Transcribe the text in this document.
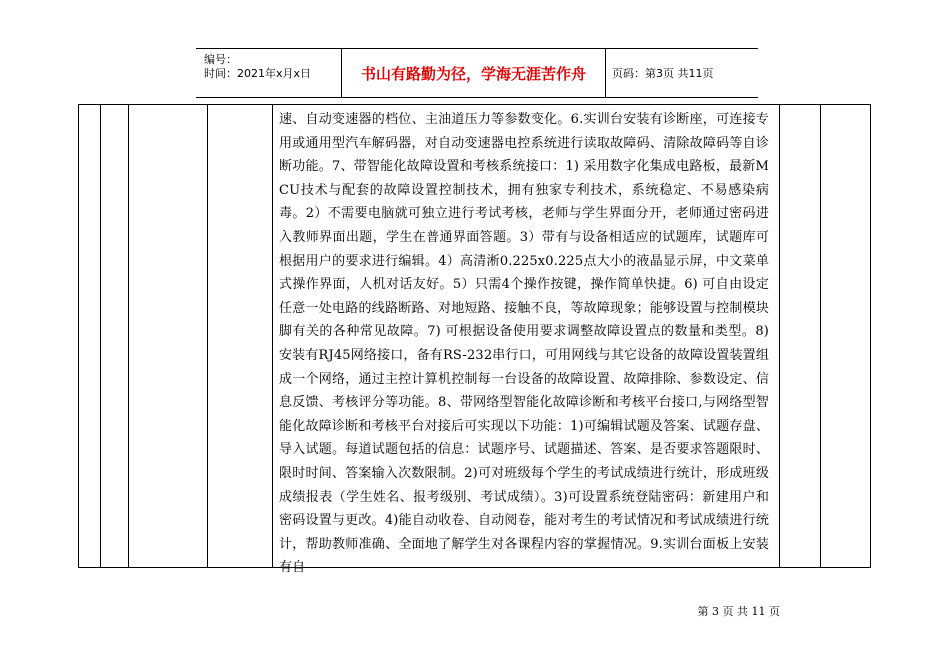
编号：
时间：2021年x月x日	书山有路勤为径，学海无涯苦作舟	页码：第3页 共11页
速、自动变速器的档位、主油道压力等参数变化。6.实训台安装有诊断座，可连接专用或通用型汽车解码器，对自动变速器电控系统进行读取故障码、清除故障码等自诊断功能。7、带智能化故障设置和考核系统接口：1) 采用数字化集成电路板，最新MCU技术与配套的故障设置控制技术，拥有独家专利技术，系统稳定、不易感染病毒。2）不需要电脑就可独立进行考试考核，老师与学生界面分开，老师通过密码进入教师界面出题，学生在普通界面答题。3）带有与设备相适应的试题库，试题库可根据用户的要求进行编辑。4）高清淅0.225x0.225点大小的液晶显示屏，中文菜单式操作界面，人机对话友好。5）只需4个操作按键，操作简单快捷。6) 可自由设定任意一处电路的线路断路、对地短路、接触不良，等故障现象；能够设置与控制模块脚有关的各种常见故障。7) 可根据设备使用要求调整故障设置点的数量和类型。8) 安装有RJ45网络接口，备有RS-232串行口，可用网线与其它设备的故障设置装置组成一个网络，通过主控计算机控制每一台设备的故障设置、故障排除、参数设定、信息反馈、考核评分等功能。8、带网络型智能化故障诊断和考核平台接口,与网络型智能化故障诊断和考核平台对接后可实现以下功能：1)可编辑试题及答案、试题存盘、导入试题。每道试题包括的信息：试题序号、试题描述、答案、是否要求答题限时、限时时间、答案输入次数限制。2)可对班级每个学生的考试成绩进行统计，形成班级成绩报表（学生姓名、报考级别、考试成绩）。3)可设置系统登陆密码：新建用户和密码设置与更改。4)能自动收卷、自动阅卷，能对考生的考试情况和考试成绩进行统计，帮助教师准确、全面地了解学生对各课程内容的掌握情况。9.实训台面板上安装有自
第 3 页 共 11 页
